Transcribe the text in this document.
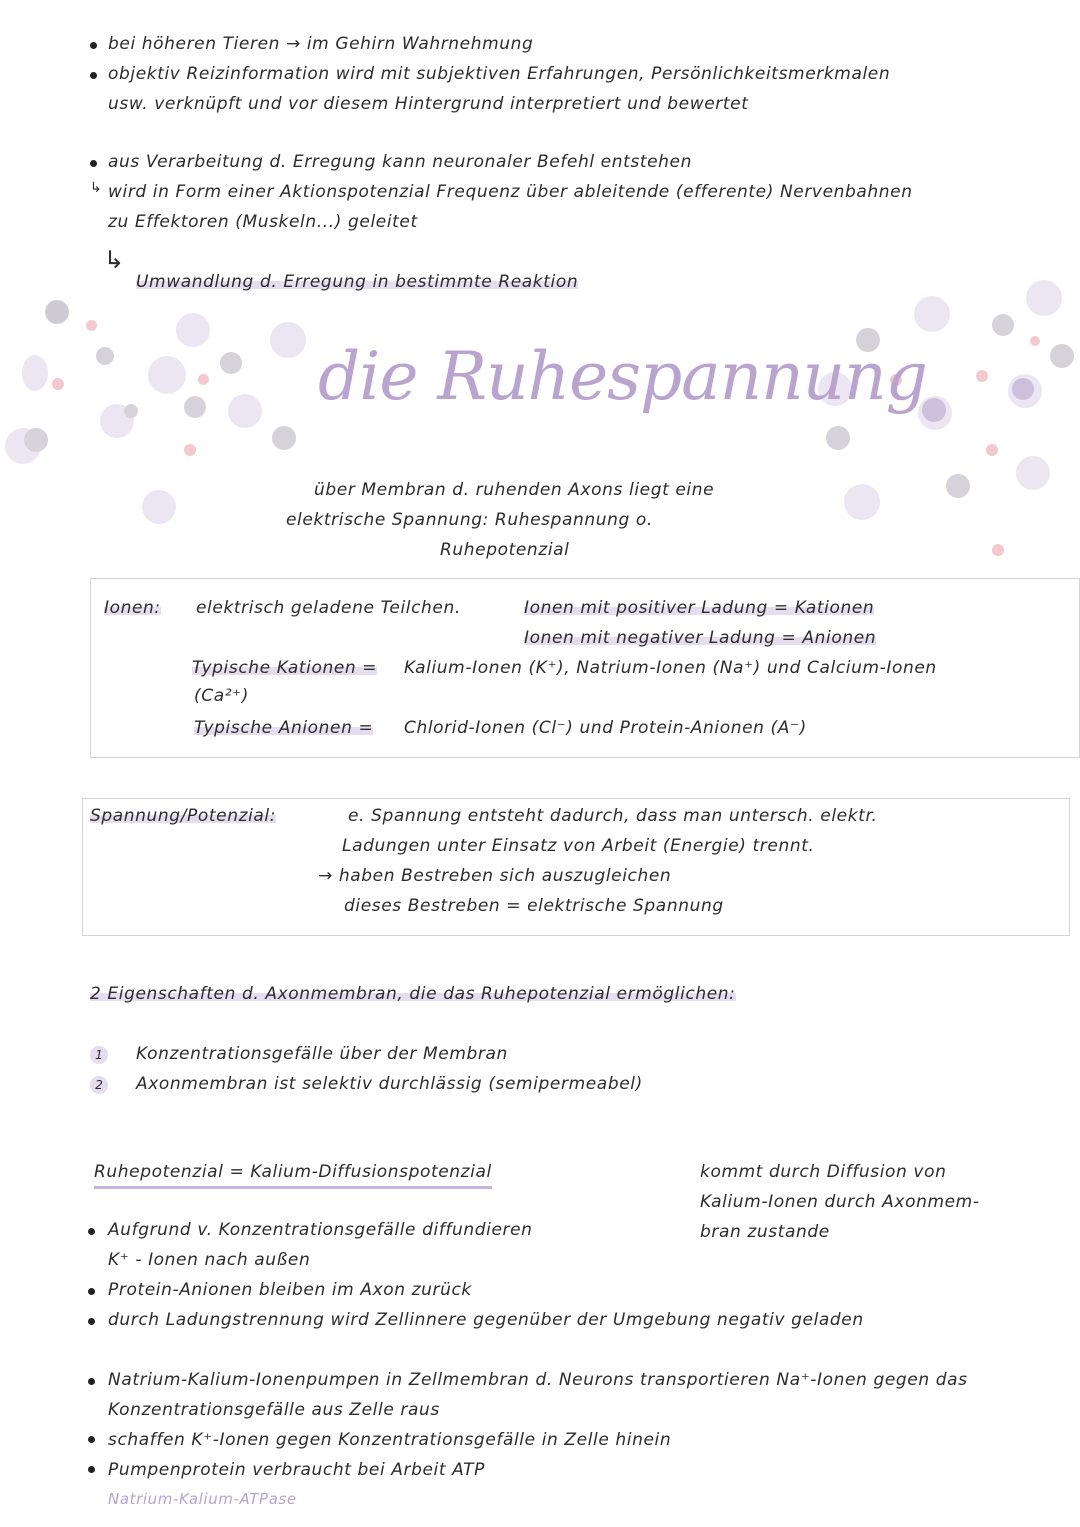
bei höheren Tieren → im Gehirn Wahrnehmung
objektiv Reizinformation wird mit subjektiven Erfahrungen, Persönlichkeitsmerkmalen
usw. verknüpft und vor diesem Hintergrund interpretiert und bewertet
aus Verarbeitung d. Erregung kann neuronaler Befehl entstehen
↳ wird in Form einer Aktionspotenzial Frequenz über ableitende (efferente) Nervenbahnen
zu Effektoren (Muskeln...) geleitet
↳
Umwandlung d. Erregung in bestimmte Reaktion
die Ruhespannung
über Membran d. ruhenden Axons liegt eine
elektrische Spannung: Ruhespannung o.
Ruhepotenzial
Ionen: elektrisch geladene Teilchen.	Ionen mit positiver Ladung = Kationen
Ionen mit negativer Ladung = Anionen
Typische Kationen = Kalium-Ionen (K⁺), Natrium-Ionen (Na⁺) und Calcium-Ionen
(Ca²⁺)
Typische Anionen = Chlorid-Ionen (Cl⁻) und Protein-Anionen (A⁻)
Spannung/Potenzial:	e. Spannung entsteht dadurch, dass man untersch. elektr.
Ladungen unter Einsatz von Arbeit (Energie) trennt.
→ haben Bestreben sich auszugleichen
dieses Bestreben = elektrische Spannung
2 Eigenschaften d. Axonmembran, die das Ruhepotenzial ermöglichen:
1	Konzentrationsgefälle über der Membran
2	Axonmembran ist selektiv durchlässig (semipermeabel)
Ruhepotenzial = Kalium-Diffusionspotenzial	kommt durch Diffusion von
Kalium-Ionen durch Axonmem-
bran zustande
Aufgrund v. Konzentrationsgefälle diffundieren
K⁺ - Ionen nach außen
Protein-Anionen bleiben im Axon zurück
durch Ladungstrennung wird Zellinnere gegenüber der Umgebung negativ geladen
Natrium-Kalium-Ionenpumpen in Zellmembran d. Neurons transportieren Na⁺-Ionen gegen das
Konzentrationsgefälle aus Zelle raus
schaffen K⁺-Ionen gegen Konzentrationsgefälle in Zelle hinein
Pumpenprotein verbraucht bei Arbeit ATP
Natrium-Kalium-ATPase
